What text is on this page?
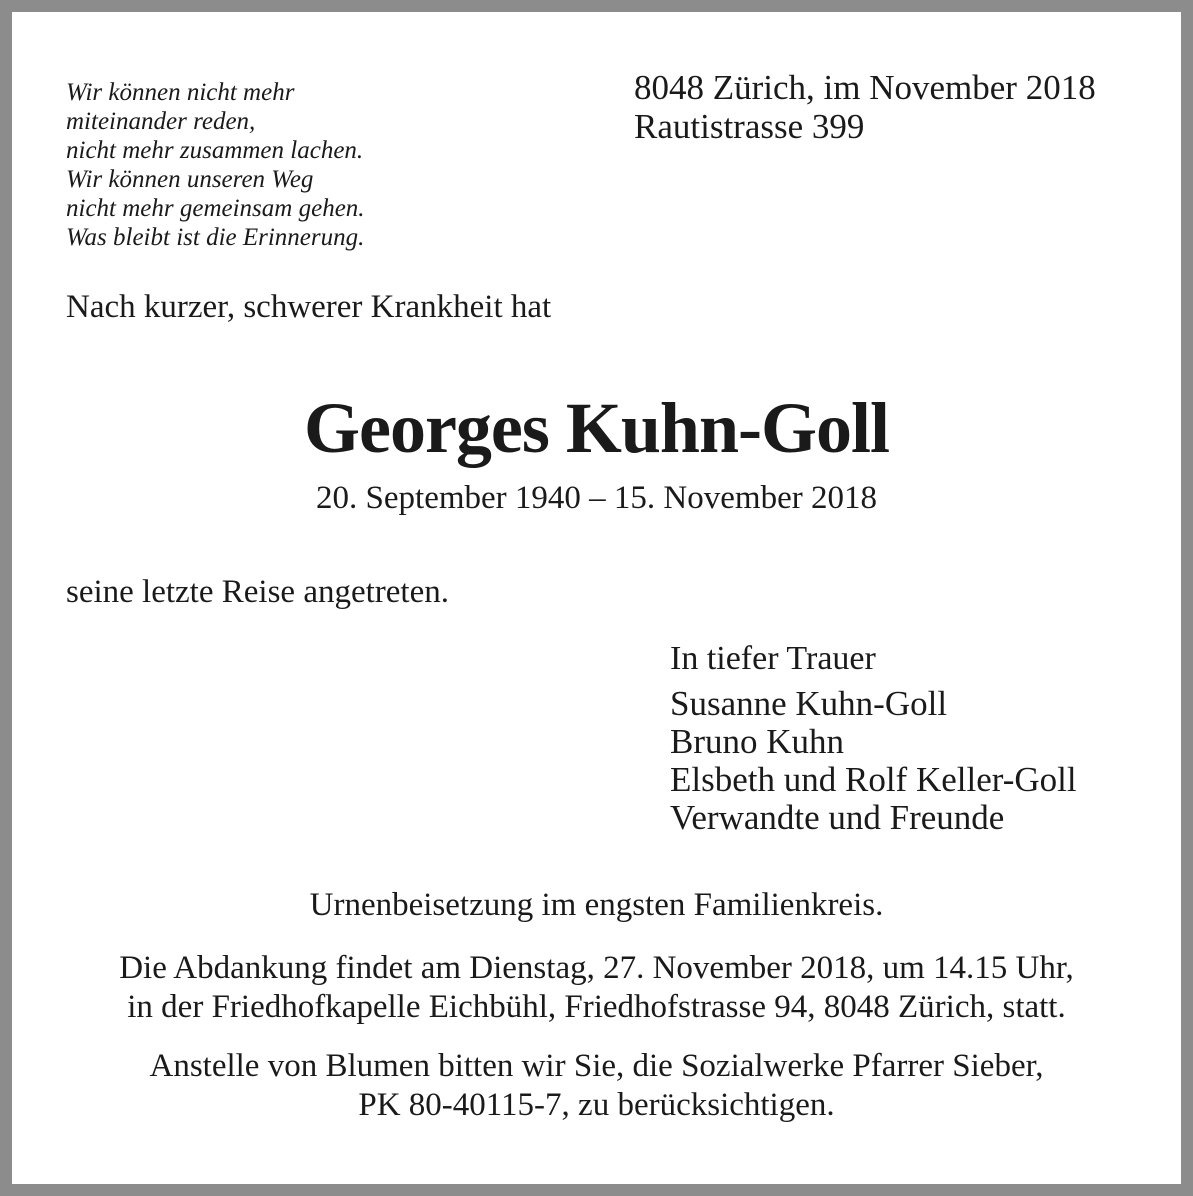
Wir können nicht mehr
miteinander reden,
nicht mehr zusammen lachen.
Wir können unseren Weg
nicht mehr gemeinsam gehen.
Was bleibt ist die Erinnerung.
8048 Zürich, im November 2018
Rautistrasse 399
Nach kurzer, schwerer Krankheit hat
Georges Kuhn-Goll
20. September 1940 – 15. November 2018
seine letzte Reise angetreten.
In tiefer Trauer
Susanne Kuhn-Goll
Bruno Kuhn
Elsbeth und Rolf Keller-Goll
Verwandte und Freunde
Urnenbeisetzung im engsten Familienkreis.
Die Abdankung findet am Dienstag, 27. November 2018, um 14.15 Uhr,
in der Friedhofkapelle Eichbühl, Friedhofstrasse 94, 8048 Zürich, statt.
Anstelle von Blumen bitten wir Sie, die Sozialwerke Pfarrer Sieber,
PK 80-40115-7, zu berücksichtigen.
